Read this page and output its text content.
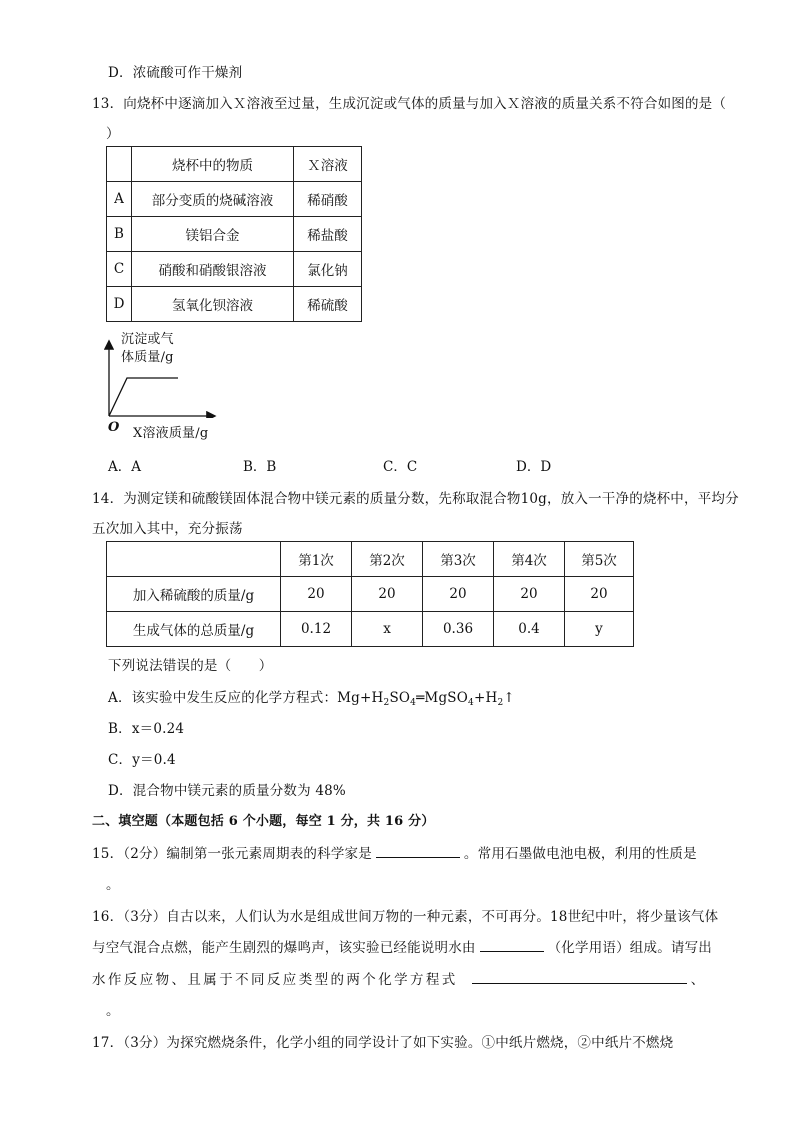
D．浓硫酸可作干燥剂
13．向烧杯中逐滴加入Ｘ溶液至过量，生成沉淀或气体的质量与加入Ｘ溶液的质量关系不符合如图的是（
）
	烧杯中的物质	Ｘ溶液
A	部分变质的烧碱溶液	稀硝酸
B	镁铝合金	稀盐酸
C	硝酸和硝酸银溶液	氯化钠
D	氢氧化钡溶液	稀硫酸
沉淀或气
体质量/g
O X溶液质量/g
A．A	B．B	C．C	D．D
14．为测定镁和硫酸镁固体混合物中镁元素的质量分数，先称取混合物10g，放入一干净的烧杯中，平均分
五次加入其中，充分振荡
	第1次	第2次	第3次	第4次	第5次
加入稀硫酸的质量/g	20	20	20	20	20
生成气体的总质量/g	0.12	x	0.36	0.4	y
下列说法错误的是（　　）
A．该实验中发生反应的化学方程式：$Mg+H_2SO_4═MgSO_4+H_2↑$
B．x＝0.24
C．y＝0.4
D．混合物中镁元素的质量分数为 48%
二、填空题（本题包括 6 个小题，每空 1 分，共 16 分）
15．（2分）编制第一张元素周期表的科学家是	。常用石墨做电池电极，利用的性质是
。
16．（3分）自古以来，人们认为水是组成世间万物的一种元素，不可再分。18世纪中叶，将少量该气体
与空气混合点燃，能产生剧烈的爆鸣声，该实验已经能说明水由	（化学用语）组成。请写出
水作反应物、且属于不同反应类型的两个化学方程式	、
。
17．（3分）为探究燃烧条件，化学小组的同学设计了如下实验。①中纸片燃烧，②中纸片不燃烧
